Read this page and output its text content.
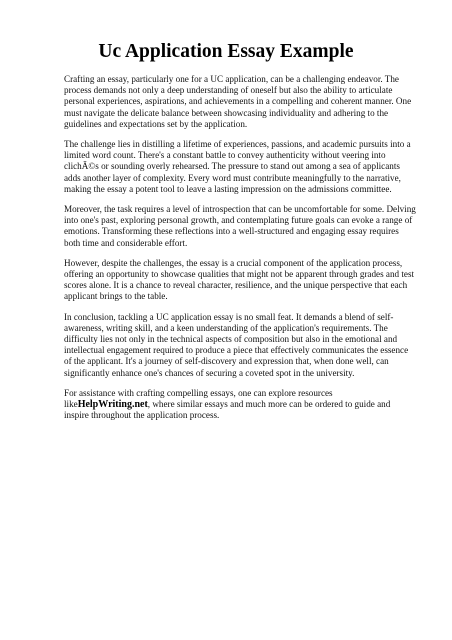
Uc Application Essay Example

Crafting an essay, particularly one for a UC application, can be a challenging endeavor. The process demands not only a deep understanding of oneself but also the ability to articulate personal experiences, aspirations, and achievements in a compelling and coherent manner. One must navigate the delicate balance between showcasing individuality and adhering to the guidelines and expectations set by the application.

The challenge lies in distilling a lifetime of experiences, passions, and academic pursuits into a limited word count. There's a constant battle to convey authenticity without veering into clichÃ©s or sounding overly rehearsed. The pressure to stand out among a sea of applicants adds another layer of complexity. Every word must contribute meaningfully to the narrative, making the essay a potent tool to leave a lasting impression on the admissions committee.

Moreover, the task requires a level of introspection that can be uncomfortable for some. Delving into one's past, exploring personal growth, and contemplating future goals can evoke a range of emotions. Transforming these reflections into a well-structured and engaging essay requires both time and considerable effort.

However, despite the challenges, the essay is a crucial component of the application process, offering an opportunity to showcase qualities that might not be apparent through grades and test scores alone. It is a chance to reveal character, resilience, and the unique perspective that each applicant brings to the table.

In conclusion, tackling a UC application essay is no small feat. It demands a blend of self-awareness, writing skill, and a keen understanding of the application's requirements. The difficulty lies not only in the technical aspects of composition but also in the emotional and intellectual engagement required to produce a piece that effectively communicates the essence of the applicant. It's a journey of self-discovery and expression that, when done well, can significantly enhance one's chances of securing a coveted spot in the university.

For assistance with crafting compelling essays, one can explore resources likeHelpWriting.net, where similar essays and much more can be ordered to guide and inspire throughout the application process.
